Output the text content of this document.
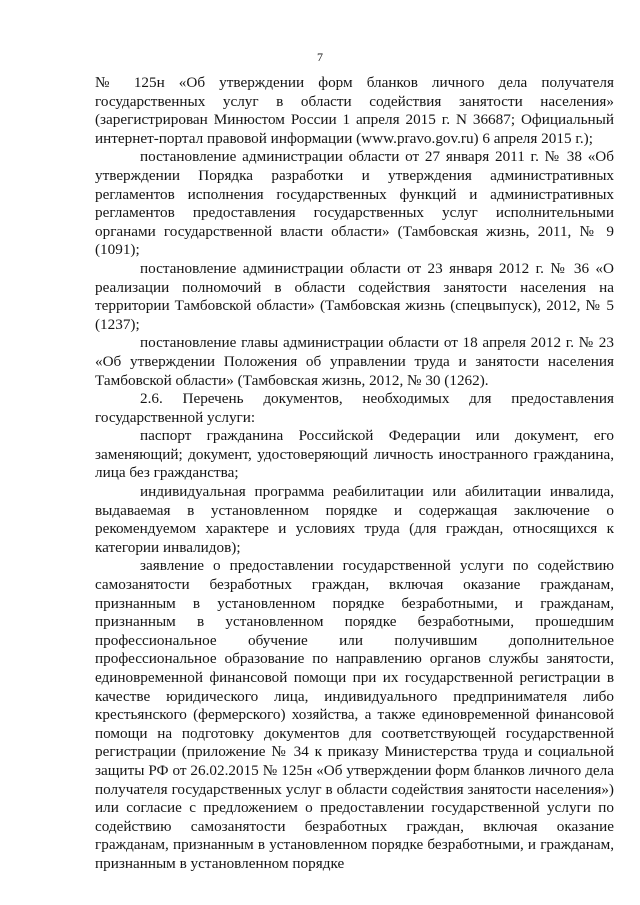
7

№ 125н «Об утверждении форм бланков личного дела получателя государственных услуг в области содействия занятости населения» (зарегистрирован Минюстом России 1 апреля 2015 г. N 36687; Официальный интернет-портал правовой информации (www.pravo.gov.ru) 6 апреля 2015 г.);

постановление администрации области от 27 января 2011 г. № 38 «Об утверждении Порядка разработки и утверждения административных регламентов исполнения государственных функций и административных регламентов предоставления государственных услуг исполнительными органами государственной власти области» (Тамбовская жизнь, 2011, № 9 (1091);

постановление администрации области от 23 января 2012 г. № 36 «О реализации полномочий в области содействия занятости населения на территории Тамбовской области» (Тамбовская жизнь (спецвыпуск), 2012, № 5 (1237);

постановление главы администрации области от 18 апреля 2012 г. № 23 «Об утверждении Положения об управлении труда и занятости населения Тамбовской области» (Тамбовская жизнь, 2012, № 30 (1262).

2.6. Перечень документов, необходимых для предоставления государственной услуги:

паспорт гражданина Российской Федерации или документ, его заменяющий; документ, удостоверяющий личность иностранного гражданина, лица без гражданства;

индивидуальная программа реабилитации или абилитации инвалида, выдаваемая в установленном порядке и содержащая заключение о рекомендуемом характере и условиях труда (для граждан, относящихся к категории инвалидов);

заявление о предоставлении государственной услуги по содействию самозанятости безработных граждан, включая оказание гражданам, признанным в установленном порядке безработными, и гражданам, признанным в установленном порядке безработными, прошедшим профессиональное обучение или получившим дополнительное профессиональное образование по направлению органов службы занятости, единовременной финансовой помощи при их государственной регистрации в качестве юридического лица, индивидуального предпринимателя либо крестьянского (фермерского) хозяйства, а также единовременной финансовой помощи на подготовку документов для соответствующей государственной регистрации (приложение № 34 к приказу Министерства труда и социальной защиты РФ от 26.02.2015 № 125н «Об утверждении форм бланков личного дела получателя государственных услуг в области содействия занятости населения») или согласие с предложением о предоставлении государственной услуги по содействию самозанятости безработных граждан, включая оказание гражданам, признанным в установленном порядке безработными, и гражданам, признанным в установленном порядке
